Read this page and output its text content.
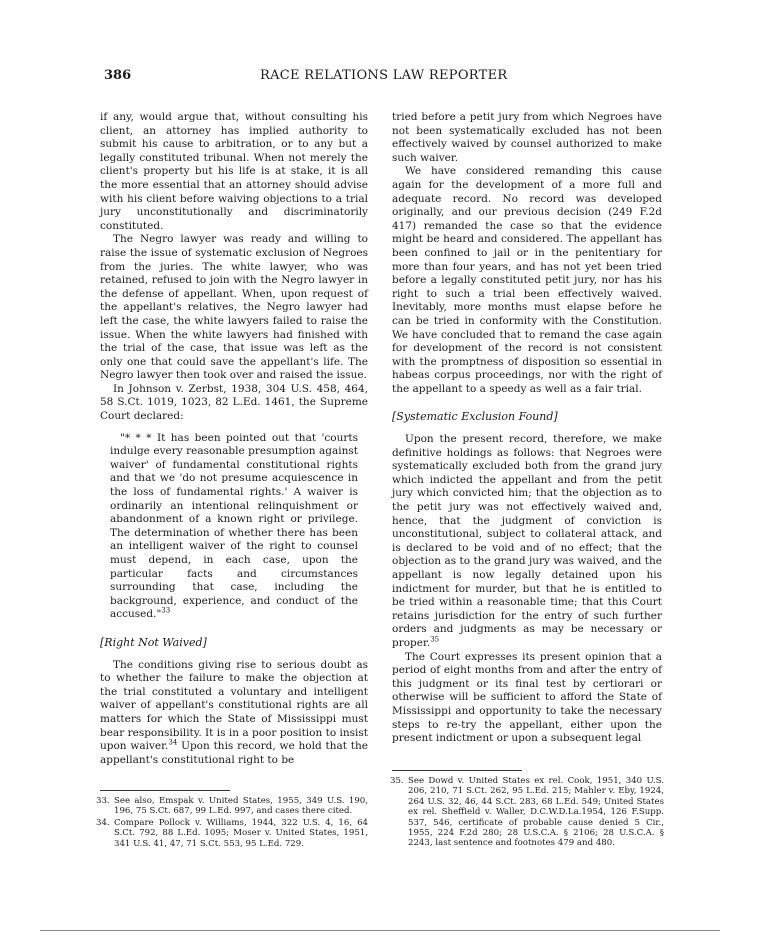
386	RACE RELATIONS LAW REPORTER

if any, would argue that, without consulting his client, an attorney has implied authority to submit his cause to arbitration, or to any but a legally constituted tribunal. When not merely the client's property but his life is at stake, it is all the more essential that an attorney should advise with his client before waiving objections to a trial jury unconstitutionally and discriminatorily constituted.

The Negro lawyer was ready and willing to raise the issue of systematic exclusion of Negroes from the juries. The white lawyer, who was retained, refused to join with the Negro lawyer in the defense of appellant. When, upon request of the appellant's relatives, the Negro lawyer had left the case, the white lawyers failed to raise the issue. When the white lawyers had finished with the trial of the case, that issue was left as the only one that could save the appellant's life. The Negro lawyer then took over and raised the issue.

In Johnson v. Zerbst, 1938, 304 U.S. 458, 464, 58 S.Ct. 1019, 1023, 82 L.Ed. 1461, the Supreme Court declared:

"* * * It has been pointed out that 'courts indulge every reasonable presumption against waiver' of fundamental constitutional rights and that we 'do not presume acquiescence in the loss of fundamental rights.' A waiver is ordinarily an intentional relinquishment or abandonment of a known right or privilege. The determination of whether there has been an intelligent waiver of the right to counsel must depend, in each case, upon the particular facts and circumstances surrounding that case, including the background, experience, and conduct of the accused."$^{33}$

[Right Not Waived]

The conditions giving rise to serious doubt as to whether the failure to make the objection at the trial constituted a voluntary and intelligent waiver of appellant's constitutional rights are all matters for which the State of Mississippi must bear responsibility. It is in a poor position to insist upon waiver.$^{34}$ Upon this record, we hold that the appellant's constitutional right to be

tried before a petit jury from which Negroes have not been systematically excluded has not been effectively waived by counsel authorized to make such waiver.

We have considered remanding this cause again for the development of a more full and adequate record. No record was developed originally, and our previous decision (249 F.2d 417) remanded the case so that the evidence might be heard and considered. The appellant has been confined to jail or in the penitentiary for more than four years, and has not yet been tried before a legally constituted petit jury, nor has his right to such a trial been effectively waived. Inevitably, more months must elapse before he can be tried in conformity with the Constitution. We have concluded that to remand the case again for development of the record is not consistent with the promptness of disposition so essential in habeas corpus proceedings, nor with the right of the appellant to a speedy as well as a fair trial.

[Systematic Exclusion Found]

Upon the present record, therefore, we make definitive holdings as follows: that Negroes were systematically excluded both from the grand jury which indicted the appellant and from the petit jury which convicted him; that the objection as to the petit jury was not effectively waived and, hence, that the judgment of conviction is unconstitutional, subject to collateral attack, and is declared to be void and of no effect; that the objection as to the grand jury was waived, and the appellant is now legally detained upon his indictment for murder, but that he is entitled to be tried within a reasonable time; that this Court retains jurisdiction for the entry of such further orders and judgments as may be necessary or proper.$^{35}$

The Court expresses its present opinion that a period of eight months from and after the entry of this judgment or its final test by certiorari or otherwise will be sufficient to afford the State of Mississippi and opportunity to take the necessary steps to re-try the appellant, either upon the present indictment or upon a subsequent legal

33. See also, Emspak v. United States, 1955, 349 U.S. 190, 196, 75 S.Ct. 687, 99 L.Ed. 997, and cases there cited.
34. Compare Pollock v. Williams, 1944, 322 U.S. 4, 16, 64 S.Ct. 792, 88 L.Ed. 1095; Moser v. United States, 1951, 341 U.S. 41, 47, 71 S.Ct. 553, 95 L.Ed. 729.
35. See Dowd v. United States ex rel. Cook, 1951, 340 U.S. 206, 210, 71 S.Ct. 262, 95 L.Ed. 215; Mahler v. Eby, 1924, 264 U.S. 32, 46, 44 S.Ct. 283, 68 L.Ed. 549; United States ex rel. Sheffield v. Waller, D.C.W.D.La.1954, 126 F.Supp. 537, 546, certificate of probable cause denied 5 Cir., 1955, 224 F.2d 280; 28 U.S.C.A. § 2106; 28 U.S.C.A. § 2243, last sentence and footnotes 479 and 480.
